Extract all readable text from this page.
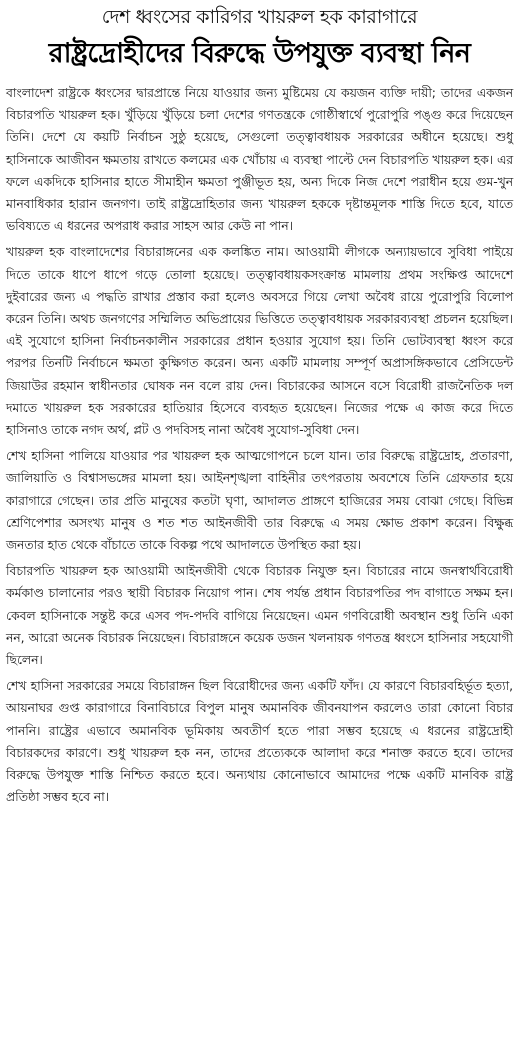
দেশ ধ্বংসের কারিগর খায়রুল হক কারাগারে
রাষ্ট্রদ্রোহীদের বিরুদ্ধে উপযুক্ত ব্যবস্থা নিন

বাংলাদেশ রাষ্ট্রকে ধ্বংসের দ্বারপ্রান্তে নিয়ে যাওয়ার জন্য মুষ্টিমেয় যে কয়জন ব্যক্তি দায়ী; তাদের একজন বিচারপতি খায়রুল হক। খুঁড়িয়ে খুঁড়িয়ে চলা দেশের গণতন্ত্রকে গোষ্ঠীস্বার্থে পুরোপুরি পঙ্গু করে দিয়েছেন তিনি। দেশে যে কয়টি নির্বাচন সুষ্ঠু হয়েছে, সেগুলো তত্ত্বাবধায়ক সরকারের অধীনে হয়েছে। শুধু হাসিনাকে আজীবন ক্ষমতায় রাখতে কলমের এক খোঁচায় এ ব্যবস্থা পাল্টে দেন বিচারপতি খায়রুল হক। এর ফলে একদিকে হাসিনার হাতে সীমাহীন ক্ষমতা পুঞ্জীভূত হয়, অন্য দিকে নিজ দেশে পরাধীন হয়ে গুম-খুন মানবাধিকার হারান জনগণ। তাই রাষ্ট্রদ্রোহিতার জন্য খায়রুল হককে দৃষ্টান্তমূলক শাস্তি দিতে হবে, যাতে ভবিষ্যতে এ ধরনের অপরাধ করার সাহস আর কেউ না পান।

খায়রুল হক বাংলাদেশের বিচারাঙ্গনের এক কলঙ্কিত নাম। আওয়ামী লীগকে অন্যায়ভাবে সুবিধা পাইয়ে দিতে তাকে ধাপে ধাপে গড়ে তোলা হয়েছে। তত্ত্বাবধায়কসংক্রান্ত মামলায় প্রথম সংক্ষিপ্ত আদেশে দুইবারের জন্য এ পদ্ধতি রাখার প্রস্তাব করা হলেও অবসরে গিয়ে লেখা অবৈধ রায়ে পুরোপুরি বিলোপ করেন তিনি। অথচ জনগণের সম্মিলিত অভিপ্রায়ের ভিত্তিতে তত্ত্বাবধায়ক সরকারব্যবস্থা প্রচলন হয়েছিল। এই সুযোগে হাসিনা নির্বাচনকালীন সরকারের প্রধান হওয়ার সুযোগ হয়। তিনি ভোটব্যবস্থা ধ্বংস করে পরপর তিনটি নির্বাচনে ক্ষমতা কুক্ষিগত করেন। অন্য একটি মামলায় সম্পূর্ণ অপ্রাসঙ্গিকভাবে প্রেসিডেন্ট জিয়াউর রহমান স্বাধীনতার ঘোষক নন বলে রায় দেন। বিচারকের আসনে বসে বিরোধী রাজনৈতিক দল দমাতে খায়রুল হক সরকারের হাতিয়ার হিসেবে ব্যবহৃত হয়েছেন। নিজের পক্ষে এ কাজ করে দিতে হাসিনাও তাকে নগদ অর্থ, প্লট ও পদবিসহ নানা অবৈধ সুযোগ-সুবিধা দেন।

শেখ হাসিনা পালিয়ে যাওয়ার পর খায়রুল হক আত্মগোপনে চলে যান। তার বিরুদ্ধে রাষ্ট্রদ্রোহ, প্রতারণা, জালিয়াতি ও বিশ্বাসভঙ্গের মামলা হয়। আইনশৃঙ্খলা বাহিনীর তৎপরতায় অবশেষে তিনি গ্রেফতার হয়ে কারাগারে গেছেন। তার প্রতি মানুষের কতটা ঘৃণা, আদালত প্রাঙ্গণে হাজিরের সময় বোঝা গেছে। বিভিন্ন শ্রেণিপেশার অসংখ্য মানুষ ও শত শত আইনজীবী তার বিরুদ্ধে এ সময় ক্ষোভ প্রকাশ করেন। বিক্ষুব্ধ জনতার হাত থেকে বাঁচাতে তাকে বিকল্প পথে আদালতে উপস্থিত করা হয়।

বিচারপতি খায়রুল হক আওয়ামী আইনজীবী থেকে বিচারক নিযুক্ত হন। বিচারের নামে জনস্বার্থবিরোধী কর্মকাণ্ড চালানোর পরও স্থায়ী বিচারক নিয়োগ পান। শেষ পর্যন্ত প্রধান বিচারপতির পদ বাগাতে সক্ষম হন। কেবল হাসিনাকে সন্তুষ্ট করে এসব পদ-পদবি বাগিয়ে নিয়েছেন। এমন গণবিরোধী অবস্থান শুধু তিনি একা নন, আরো অনেক বিচারক নিয়েছেন। বিচারাঙ্গনে কয়েক ডজন খলনায়ক গণতন্ত্র ধ্বংসে হাসিনার সহযোগী ছিলেন।

শেখ হাসিনা সরকারের সময়ে বিচারাঙ্গন ছিল বিরোধীদের জন্য একটি ফাঁদ। যে কারণে বিচারবহির্ভূত হত্যা, আয়নাঘর গুপ্ত কারাগারে বিনাবিচারে বিপুল মানুষ অমানবিক জীবনযাপন করলেও তারা কোনো বিচার পাননি। রাষ্ট্রের এভাবে অমানবিক ভূমিকায় অবতীর্ণ হতে পারা সম্ভব হয়েছে এ ধরনের রাষ্ট্রদ্রোহী বিচারকদের কারণে। শুধু খায়রুল হক নন, তাদের প্রত্যেককে আলাদা করে শনাক্ত করতে হবে। তাদের বিরুদ্ধে উপযুক্ত শাস্তি নিশ্চিত করতে হবে। অন্যথায় কোনোভাবে আমাদের পক্ষে একটি মানবিক রাষ্ট্র প্রতিষ্ঠা সম্ভব হবে না।
